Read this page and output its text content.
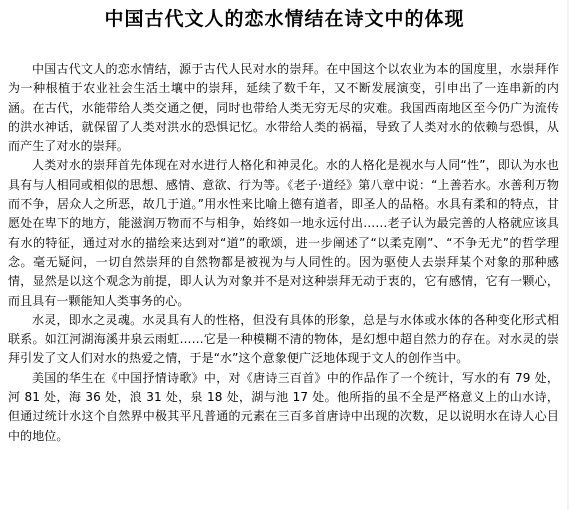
中国古代文人的恋水情结在诗文中的体现

中国古代文人的恋水情结，源于古代人民对水的崇拜。在中国这个以农业为本的国度里，水崇拜作为一种根植于农业社会生活土壤中的崇拜，延续了数千年，又不断发展演变，引申出了一连串新的内涵。在古代，水能带给人类交通之便，同时也带给人类无穷无尽的灾难。我国西南地区至今仍广为流传的洪水神话，就保留了人类对洪水的恐惧记忆。水带给人类的祸福，导致了人类对水的依赖与恐惧，从而产生了对水的崇拜。

人类对水的崇拜首先体现在对水进行人格化和神灵化。水的人格化是视水与人同“性”，即认为水也具有与人相同或相似的思想、感情、意欲、行为等。《老子·道经》第八章中说：“上善若水。水善利万物而不争，居众人之所恶，故几于道。”用水性来比喻上德有道者，即圣人的品格。水具有柔和的特点，甘愿处在卑下的地方，能滋润万物而不与相争，始终如一地永远付出……老子认为最完善的人格就应该具有水的特征，通过对水的描绘来达到对“道”的歌颂，进一步阐述了“以柔克刚”、“不争无尤”的哲学理念。毫无疑问，一切自然崇拜的自然物都是被视为与人同性的。因为驱使人去崇拜某个对象的那种感情，显然是以这个观念为前提，即人认为对象并不是对这种崇拜无动于衷的，它有感情，它有一颗心，而且具有一颗能知人类事务的心。

水灵，即水之灵魂。水灵具有人的性格，但没有具体的形象，总是与水体或水体的各种变化形式相联系。如江河湖海溪井泉云雨虹……它是一种模糊不清的物体，是幻想中超自然力的存在。对水灵的崇拜引发了文人们对水的热爱之情，于是“水”这个意象便广泛地体现于文人的创作当中。

美国的华生在《中国抒情诗歌》中，对《唐诗三百首》中的作品作了一个统计，写水的有 79 处，河 81 处，海 36 处，浪 31 处，泉 18 处，湖与池 17 处。他所指的虽不全是严格意义上的山水诗，但通过统计水这个自然界中极其平凡普通的元素在三百多首唐诗中出现的次数，足以说明水在诗人心目中的地位。
